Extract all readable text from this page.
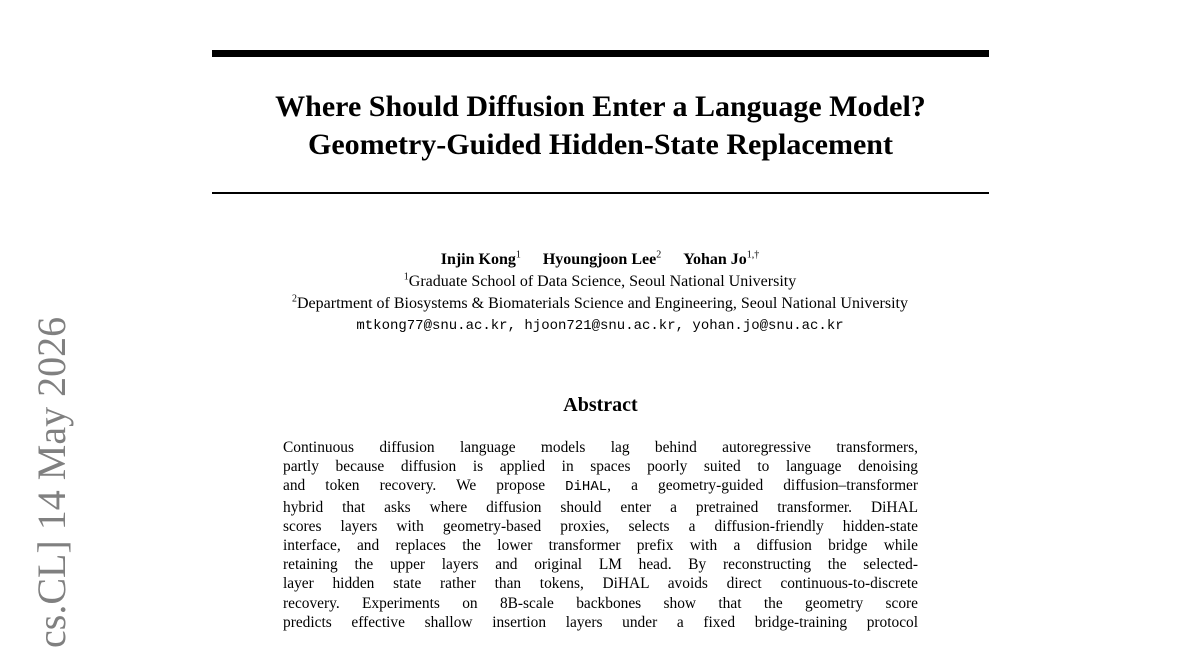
Where Should Diffusion Enter a Language Model?
Geometry-Guided Hidden-State Replacement
Injin Kong$^1$ Hyoungjoon Lee$^2$ Yohan $Jo^{1,\dagger}$
$^1$Graduate School of Data Science, Seoul National University
$^2$Department of Biosystems & Biomaterials Science and Engineering, Seoul National University
mtkong77@snu.ac.kr, hjoon721@snu.ac.kr, yohan.jo@snu.ac.kr
Abstract
Continuous diffusion language models lag behind autoregressive transformers,
partly because diffusion is applied in spaces poorly suited to language denoising
and token recovery. We propose DiHAL, a geometry-guided diffusion–transformer
hybrid that asks where diffusion should enter a pretrained transformer. DiHAL
scores layers with geometry-based proxies, selects a diffusion-friendly hidden-state
interface, and replaces the lower transformer prefix with a diffusion bridge while
retaining the upper layers and original LM head. By reconstructing the selected-
layer hidden state rather than tokens, DiHAL avoids direct continuous-to-discrete
recovery. Experiments on 8B-scale backbones show that the geometry score
predicts effective shallow insertion layers under a fixed bridge-training protocol
cs.CL] 14 May 2026
